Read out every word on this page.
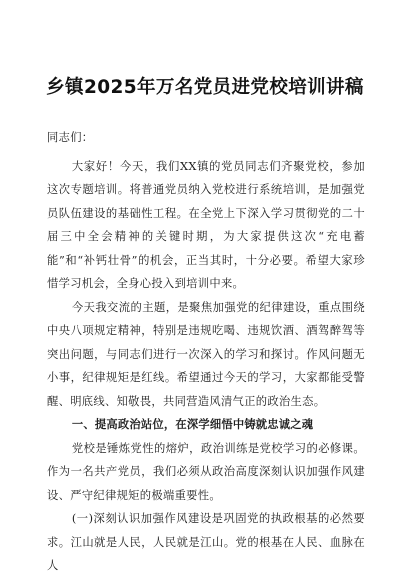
乡镇2025年万名党员进党校培训讲稿

同志们：

大家好！今天，我们XX镇的党员同志们齐聚党校，参加这次专题培训。将普通党员纳入党校进行系统培训，是加强党员队伍建设的基础性工程。在全党上下深入学习贯彻党的二十届三中全会精神的关键时期，为大家提供这次“充电蓄能”和“补钙壮骨”的机会，正当其时，十分必要。希望大家珍惜学习机会，全身心投入到培训中来。

今天我交流的主题，是聚焦加强党的纪律建设，重点围绕中央八项规定精神，特别是违规吃喝、违规饮酒、酒驾醉驾等突出问题，与同志们进行一次深入的学习和探讨。作风问题无小事，纪律规矩是红线。希望通过今天的学习，大家都能受警醒、明底线、知敬畏，共同营造风清气正的政治生态。

一、提高政治站位，在深学细悟中铸就忠诚之魂

党校是锤炼党性的熔炉，政治训练是党校学习的必修课。作为一名共产党员，我们必须从政治高度深刻认识加强作风建设、严守纪律规矩的极端重要性。

(一)深刻认识加强作风建设是巩固党的执政根基的必然要求。江山就是人民，人民就是江山。党的根基在人民、血脉在人
